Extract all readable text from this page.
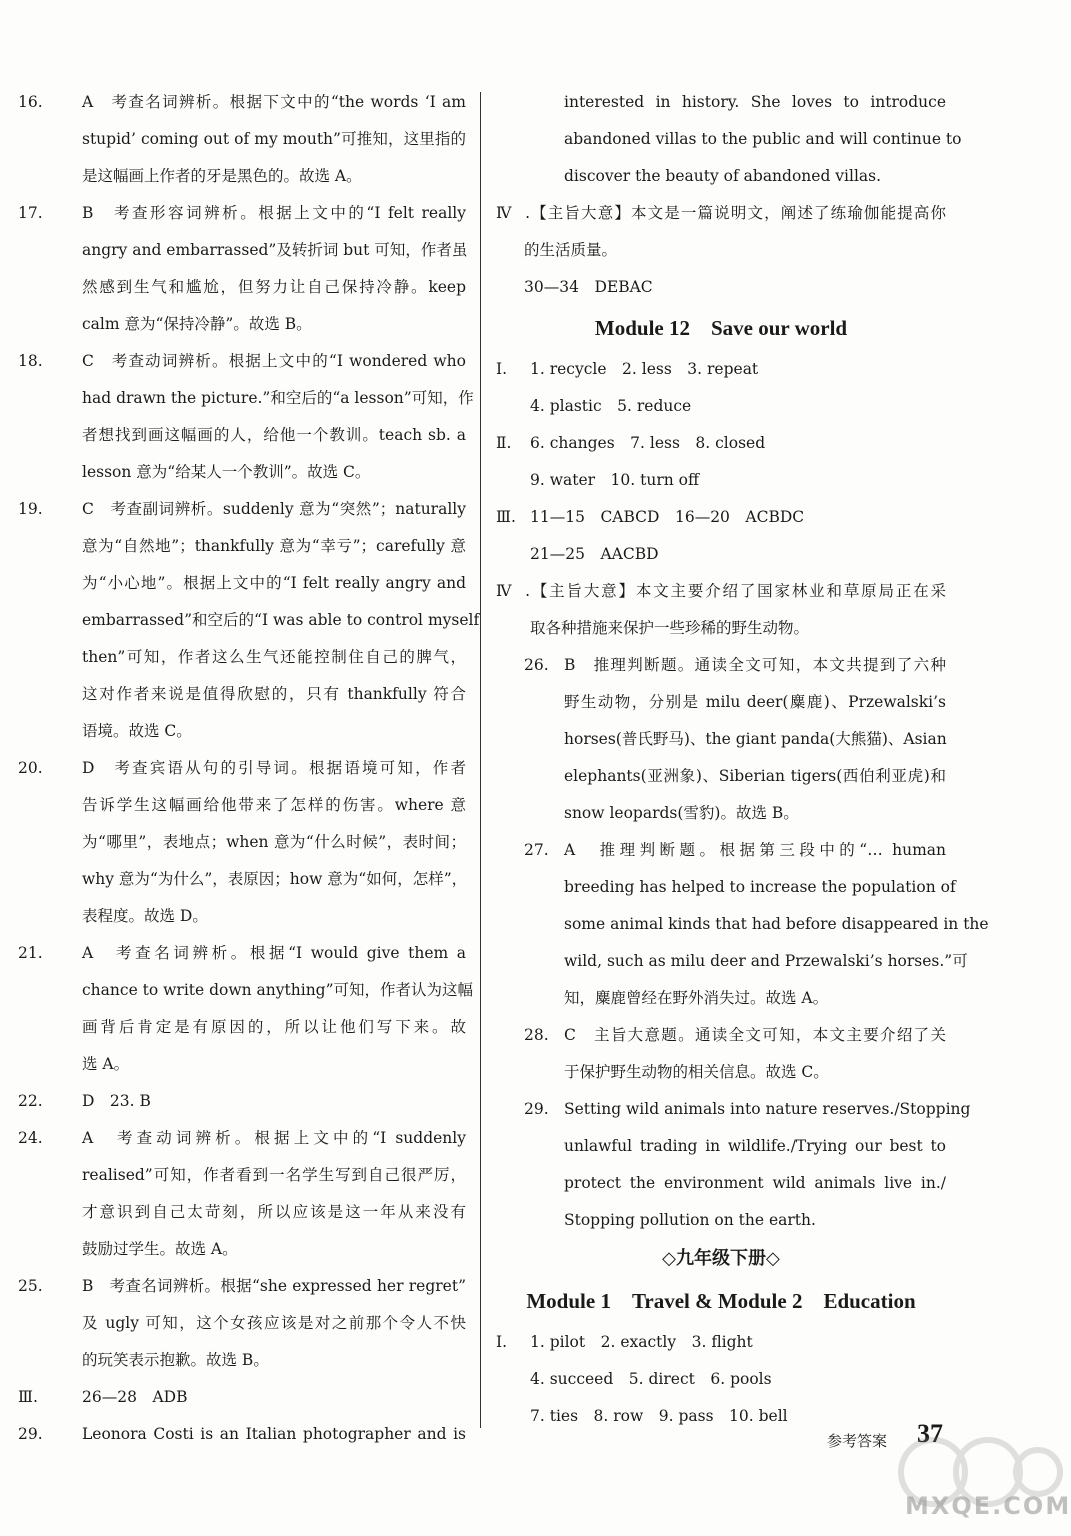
16.	A　考查名词辨析。根据下文中的“the words ‘I am
stupid’ coming out of my mouth”可推知，这里指的
是这幅画上作者的牙是黑色的。故选 A。
17.	B　考查形容词辨析。根据上文中的“I felt really
angry and embarrassed”及转折词 but 可知，作者虽
然感到生气和尴尬，但努力让自己保持冷静。keep
calm 意为“保持冷静”。故选 B。
18.	C　考查动词辨析。根据上文中的“I wondered who
had drawn the picture.”和空后的“a lesson”可知，作
者想找到画这幅画的人，给他一个教训。teach sb. a
lesson 意为“给某人一个教训”。故选 C。
19.	C　考查副词辨析。suddenly 意为“突然”；naturally
意为“自然地”；thankfully 意为“幸亏”；carefully 意
为“小心地”。根据上文中的“I felt really angry and
embarrassed”和空后的“I was able to control myself
then”可知，作者这么生气还能控制住自己的脾气，
这对作者来说是值得欣慰的，只有 thankfully 符合
语境。故选 C。
20.	D　考查宾语从句的引导词。根据语境可知，作者
告诉学生这幅画给他带来了怎样的伤害。where 意
为“哪里”，表地点；when 意为“什么时候”，表时间；
why 意为“为什么”，表原因；how 意为“如何，怎样”，
表程度。故选 D。
21.	A　考查名词辨析。根据“I would give them a
chance to write down anything”可知，作者认为这幅
画背后肯定是有原因的，所以让他们写下来。故
选 A。
22.	D　23. B
24.	A　考查动词辨析。根据上文中的“I suddenly
realised”可知，作者看到一名学生写到自己很严厉，
才意识到自己太苛刻，所以应该是这一年从来没有
鼓励过学生。故选 A。
25.	B　考查名词辨析。根据“she expressed her regret”
及 ugly 可知，这个女孩应该是对之前那个令人不快
的玩笑表示抱歉。故选 B。
Ⅲ.	26—28　ADB
29.	Leonora Costi is an Italian photographer and is
interested in history. She loves to introduce
abandoned villas to the public and will continue to
discover the beauty of abandoned villas.
Ⅳ.【主旨大意】本文是一篇说明文，阐述了练瑜伽能提高你
的生活质量。
30—34　DEBAC
Module 12　Save our world
Ⅰ. 1. recycle　2. less　3. repeat
4. plastic　5. reduce
Ⅱ. 6. changes　7. less　8. closed
9. water　10. turn off
Ⅲ. 11—15　CABCD　16—20　ACBDC
21—25　AACBD
Ⅳ.【主旨大意】本文主要介绍了国家林业和草原局正在采
取各种措施来保护一些珍稀的野生动物。
26. B　推理判断题。通读全文可知，本文共提到了六种
野生动物，分别是 milu deer(麋鹿)、Przewalski’s
horses(普氏野马)、the giant panda(大熊猫)、Asian
elephants(亚洲象)、Siberian tigers(西伯利亚虎)和
snow leopards(雪豹)。故选 B。
27. A　推理判断题。根据第三段中的“… human
breeding has helped to increase the population of
some animal kinds that had before disappeared in the
wild, such as milu deer and Przewalski’s horses.”可
知，麋鹿曾经在野外消失过。故选 A。
28. C　主旨大意题。通读全文可知，本文主要介绍了关
于保护野生动物的相关信息。故选 C。
29. Setting wild animals into nature reserves./Stopping
unlawful trading in wildlife./Trying our best to
protect the environment wild animals live in./
Stopping pollution on the earth.
◇九年级下册◇
Module 1　Travel & Module 2　Education
Ⅰ. 1. pilot　2. exactly　3. flight
4. succeed　5. direct　6. pools
7. ties　8. row　9. pass　10. bell
参考答案 37
MXQE.COM
